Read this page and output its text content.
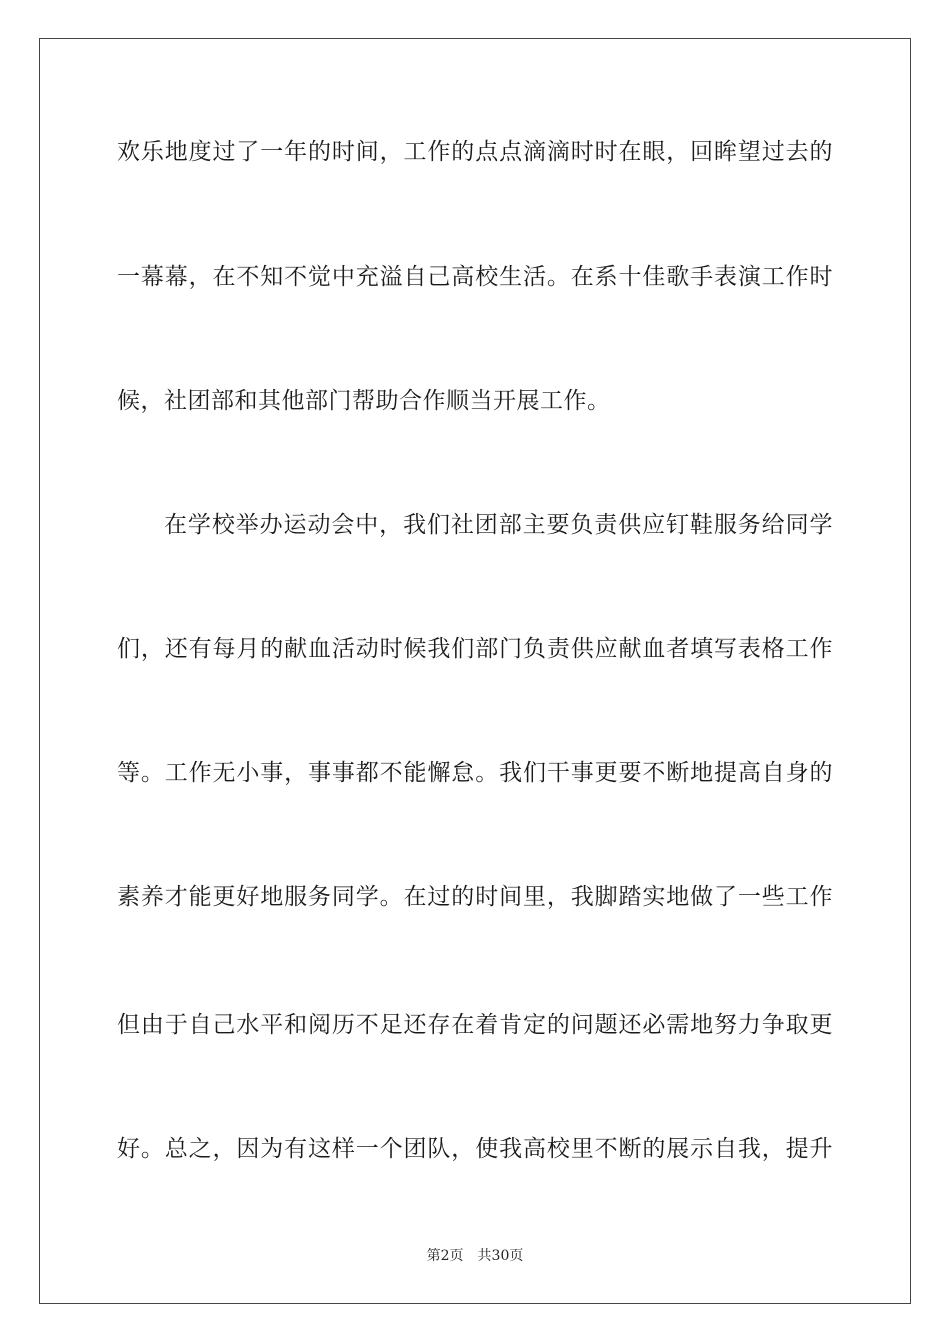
欢乐地度过了一年的时间，工作的点点滴滴时时在眼，回眸望过去的
一幕幕，在不知不觉中充溢自己高校生活。在系十佳歌手表演工作时
候，社团部和其他部门帮助合作顺当开展工作。
在学校举办运动会中，我们社团部主要负责供应钉鞋服务给同学
们，还有每月的献血活动时候我们部门负责供应献血者填写表格工作
等。工作无小事，事事都不能懈怠。我们干事更要不断地提高自身的
素养才能更好地服务同学。在过的时间里，我脚踏实地做了一些工作
但由于自己水平和阅历不足还存在着肯定的问题还必需地努力争取更
好。总之，因为有这样一个团队，使我高校里不断的展示自我，提升
第2页 共30页
